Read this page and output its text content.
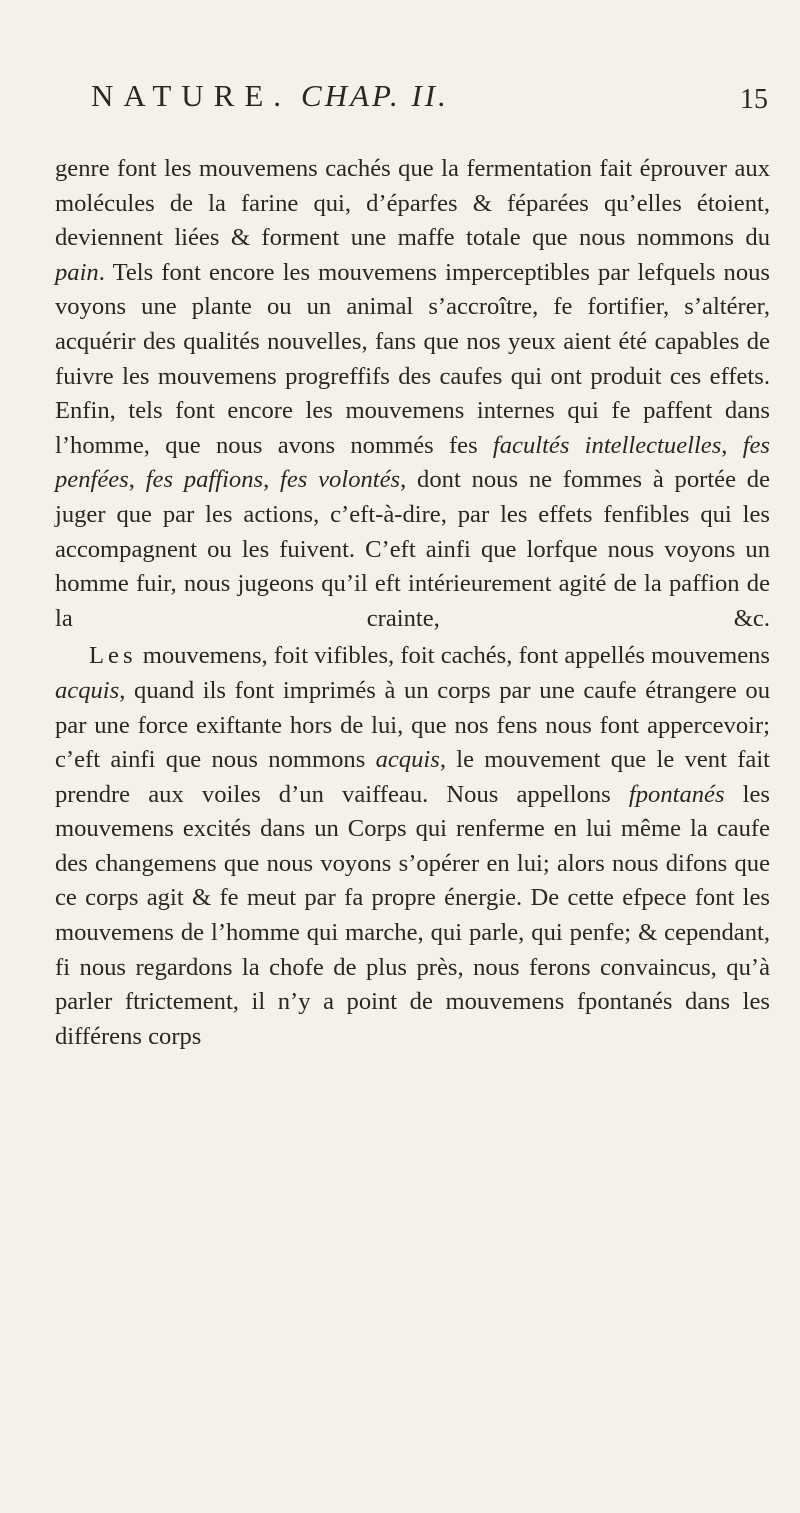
NATURE. CHAP. II.	15

genre font les mouvemens cachés que la fermentation fait éprouver aux molécules de la farine qui, d’éparfes & féparées qu’elles étoient, deviennent liées & forment une maffe totale que nous nommons du pain. Tels font encore les mouvemens imperceptibles par lefquels nous voyons une plante ou un animal s’accroître, fe fortifier, s’altérer, acquérir des qualités nouvelles, fans que nos yeux aient été capables de fuivre les mouvemens progreffifs des caufes qui ont produit ces effets. Enfin, tels font encore les mouvemens internes qui fe paffent dans l’homme, que nous avons nommés fes facultés intellectuelles, fes penfées, fes paffions, fes volontés, dont nous ne fommes à portée de juger que par les actions, c’eft-à-dire, par les effets fenfibles qui les accompagnent ou les fuivent. C’eft ainfi que lorfque nous voyons un homme fuir, nous jugeons qu’il eft intérieurement agité de la paffion de la crainte, &c.

Les mouvemens, foit vifibles, foit cachés, font appellés mouvemens acquis, quand ils font imprimés à un corps par une caufe étrangere ou par une force exiftante hors de lui, que nos fens nous font appercevoir; c’eft ainfi que nous nommons acquis, le mouvement que le vent fait prendre aux voiles d’un vaiffeau. Nous appellons fpontanés les mouvemens excités dans un Corps qui renferme en lui même la caufe des changemens que nous voyons s’opérer en lui; alors nous difons que ce corps agit & fe meut par fa propre énergie. De cette efpece font les mouvemens de l’homme qui marche, qui parle, qui penfe; & cependant, fi nous regardons la chofe de plus près, nous ferons convaincus, qu’à parler ftrictement, il n’y a point de mouvemens fpontanés dans les différens corps
